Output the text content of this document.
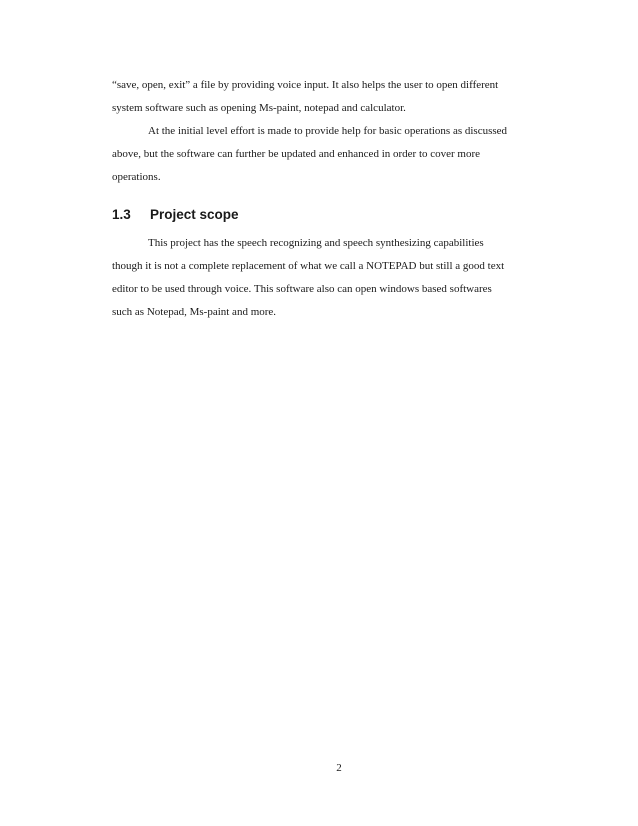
“save, open, exit” a file by providing voice input. It also helps the user to open different
system software such as opening Ms-paint, notepad and calculator.
At the initial level effort is made to provide help for basic operations as discussed
above, but the software can further be updated and enhanced in order to cover more
operations.
1.3 Project scope
This project has the speech recognizing and speech synthesizing capabilities
though it is not a complete replacement of what we call a NOTEPAD but still a good text
editor to be used through voice. This software also can open windows based softwares
such as Notepad, Ms-paint and more.
2
